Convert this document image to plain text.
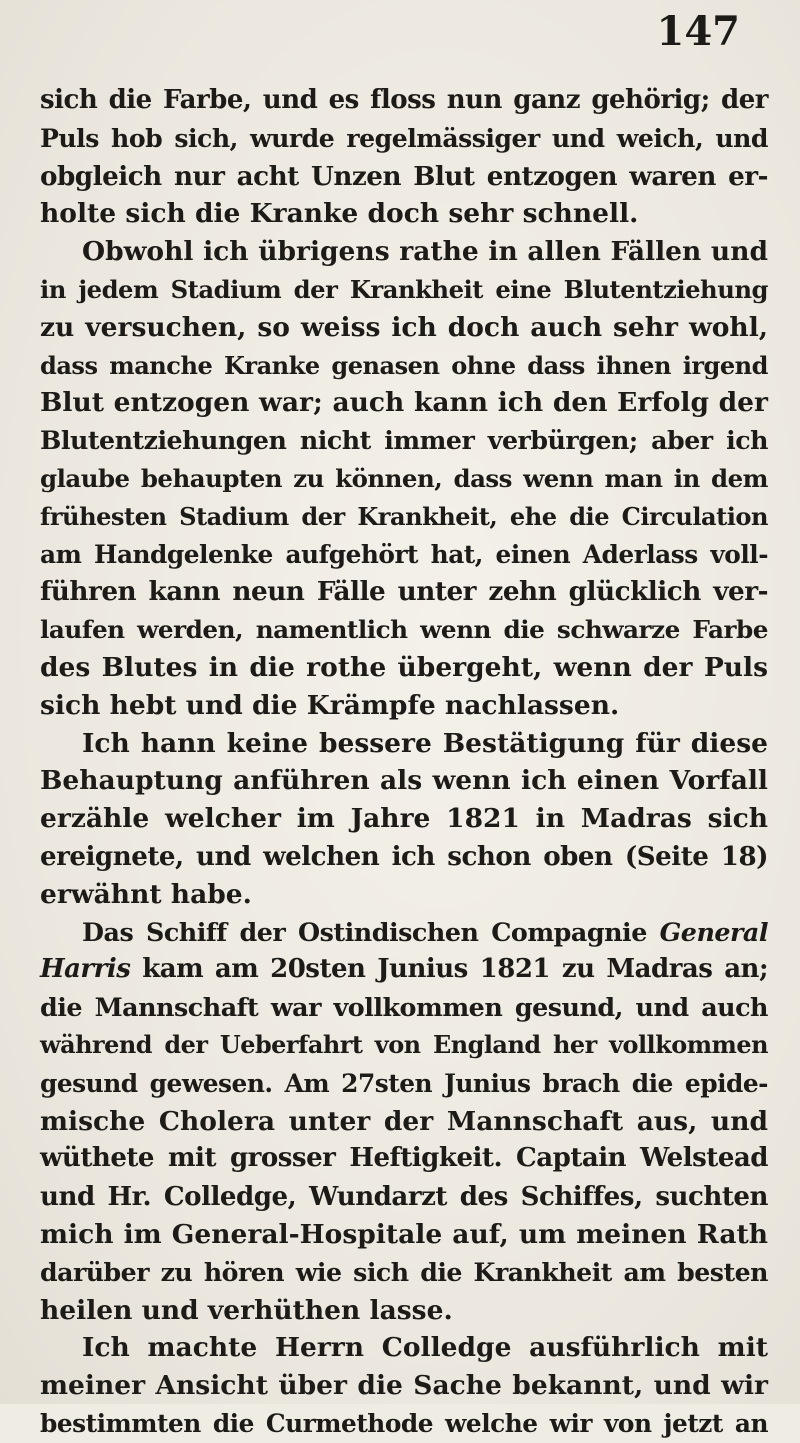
147

sich die Farbe, und es floss nun ganz gehörig; der
Puls hob sich, wurde regelmässiger und weich, und
obgleich nur acht Unzen Blut entzogen waren er-
holte sich die Kranke doch sehr schnell.

Obwohl ich übrigens rathe in allen Fällen und
in jedem Stadium der Krankheit eine Blutentziehung
zu versuchen, so weiss ich doch auch sehr wohl,
dass manche Kranke genasen ohne dass ihnen irgend
Blut entzogen war; auch kann ich den Erfolg der
Blutentziehungen nicht immer verbürgen; aber ich
glaube behaupten zu können, dass wenn man in dem
frühesten Stadium der Krankheit, ehe die Circulation
am Handgelenke aufgehört hat, einen Aderlass voll-
führen kann neun Fälle unter zehn glücklich ver-
laufen werden, namentlich wenn die schwarze Farbe
des Blutes in die rothe übergeht, wenn der Puls
sich hebt und die Krämpfe nachlassen.

Ich hann keine bessere Bestätigung für diese
Behauptung anführen als wenn ich einen Vorfall
erzähle welcher im Jahre 1821 in Madras sich
ereignete, und welchen ich schon oben (Seite 18)
erwähnt habe.

Das Schiff der Ostindischen Compagnie General
Harris kam am 20sten Junius 1821 zu Madras an;
die Mannschaft war vollkommen gesund, und auch
während der Ueberfahrt von England her vollkommen
gesund gewesen. Am 27sten Junius brach die epide-
mische Cholera unter der Mannschaft aus, und
wüthete mit grosser Heftigkeit. Captain Welstead
und Hr. Colledge, Wundarzt des Schiffes, suchten
mich im General-Hospitale auf, um meinen Rath
darüber zu hören wie sich die Krankheit am besten
heilen und verhüthen lasse.

Ich machte Herrn Colledge ausführlich mit
meiner Ansicht über die Sache bekannt, und wir
bestimmten die Curmethode welche wir von jetzt an
